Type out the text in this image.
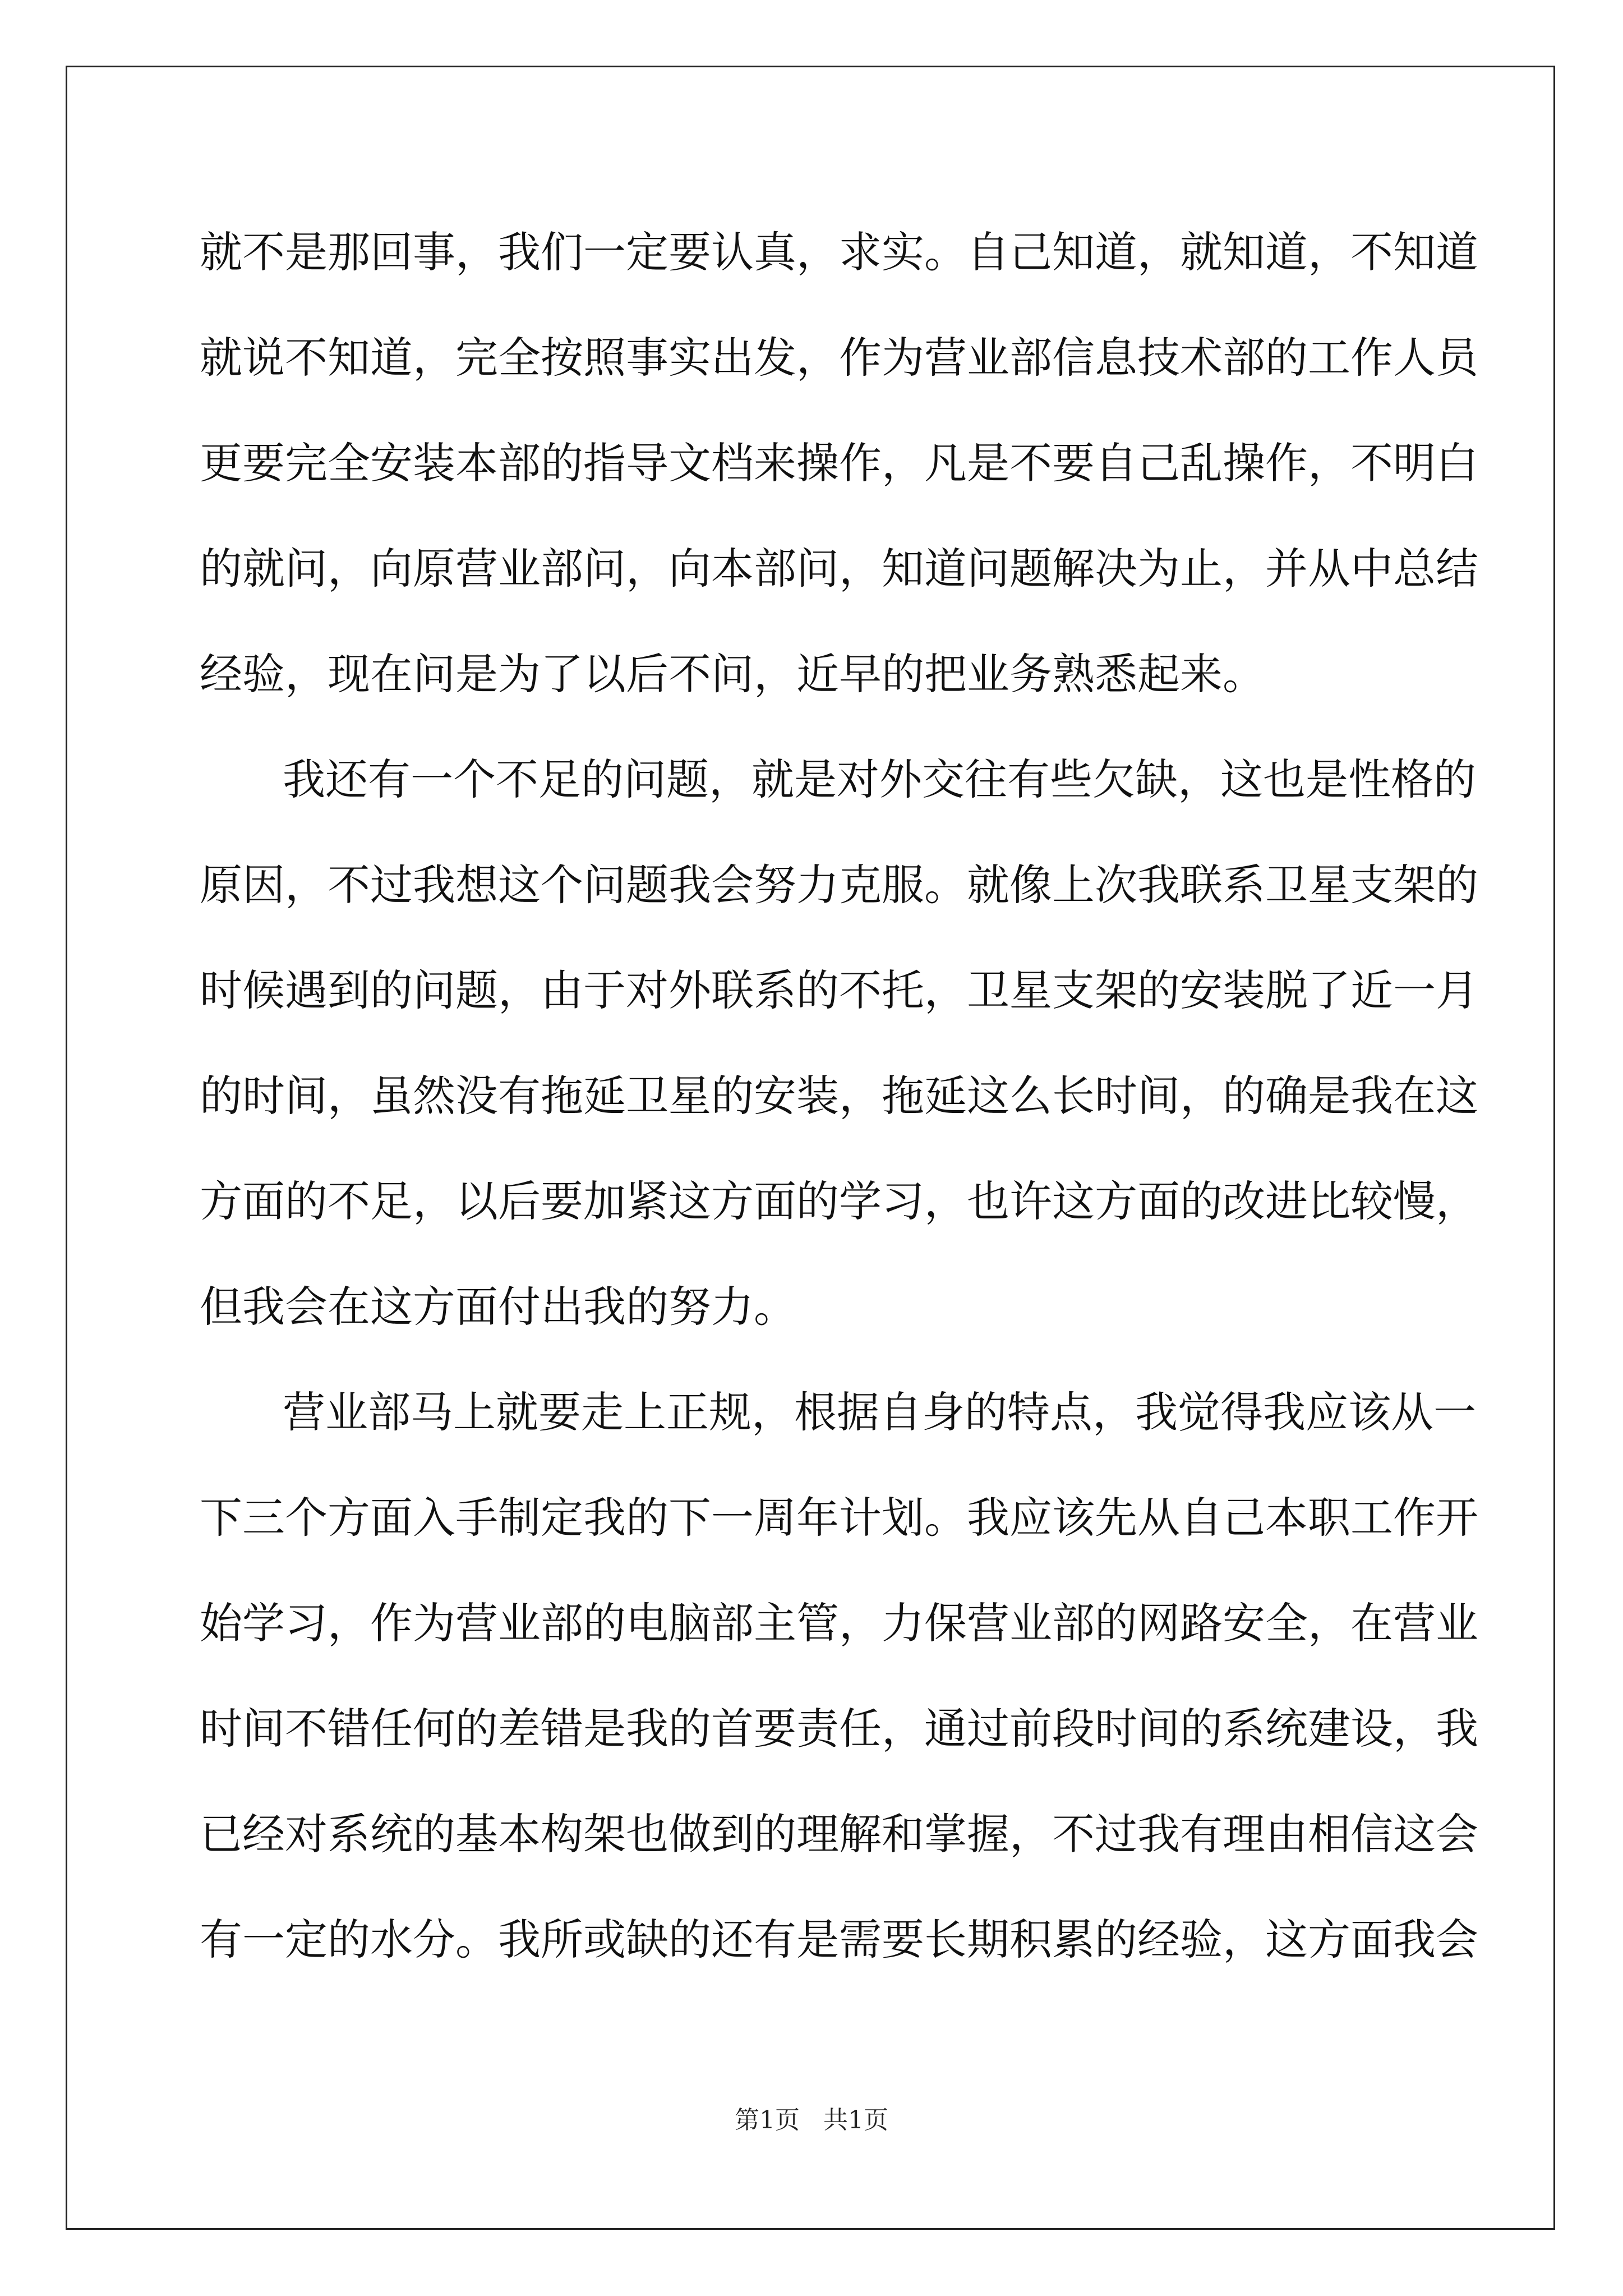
就不是那回事，我们一定要认真，求实。自己知道，就知道，不知道
就说不知道，完全按照事实出发，作为营业部信息技术部的工作人员
更要完全安装本部的指导文档来操作，凡是不要自己乱操作，不明白
的就问，向原营业部问，向本部问，知道问题解决为止，并从中总结
经验，现在问是为了以后不问，近早的把业务熟悉起来。
我还有一个不足的问题，就是对外交往有些欠缺，这也是性格的
原因，不过我想这个问题我会努力克服。就像上次我联系卫星支架的
时候遇到的问题，由于对外联系的不托，卫星支架的安装脱了近一月
的时间，虽然没有拖延卫星的安装，拖延这么长时间，的确是我在这
方面的不足，以后要加紧这方面的学习，也许这方面的改进比较慢，
但我会在这方面付出我的努力。
营业部马上就要走上正规，根据自身的特点，我觉得我应该从一
下三个方面入手制定我的下一周年计划。我应该先从自己本职工作开
始学习，作为营业部的电脑部主管，力保营业部的网路安全，在营业
时间不错任何的差错是我的首要责任，通过前段时间的系统建设，我
已经对系统的基本构架也做到的理解和掌握，不过我有理由相信这会
有一定的水分。我所或缺的还有是需要长期积累的经验，这方面我会
第1页   共1页
